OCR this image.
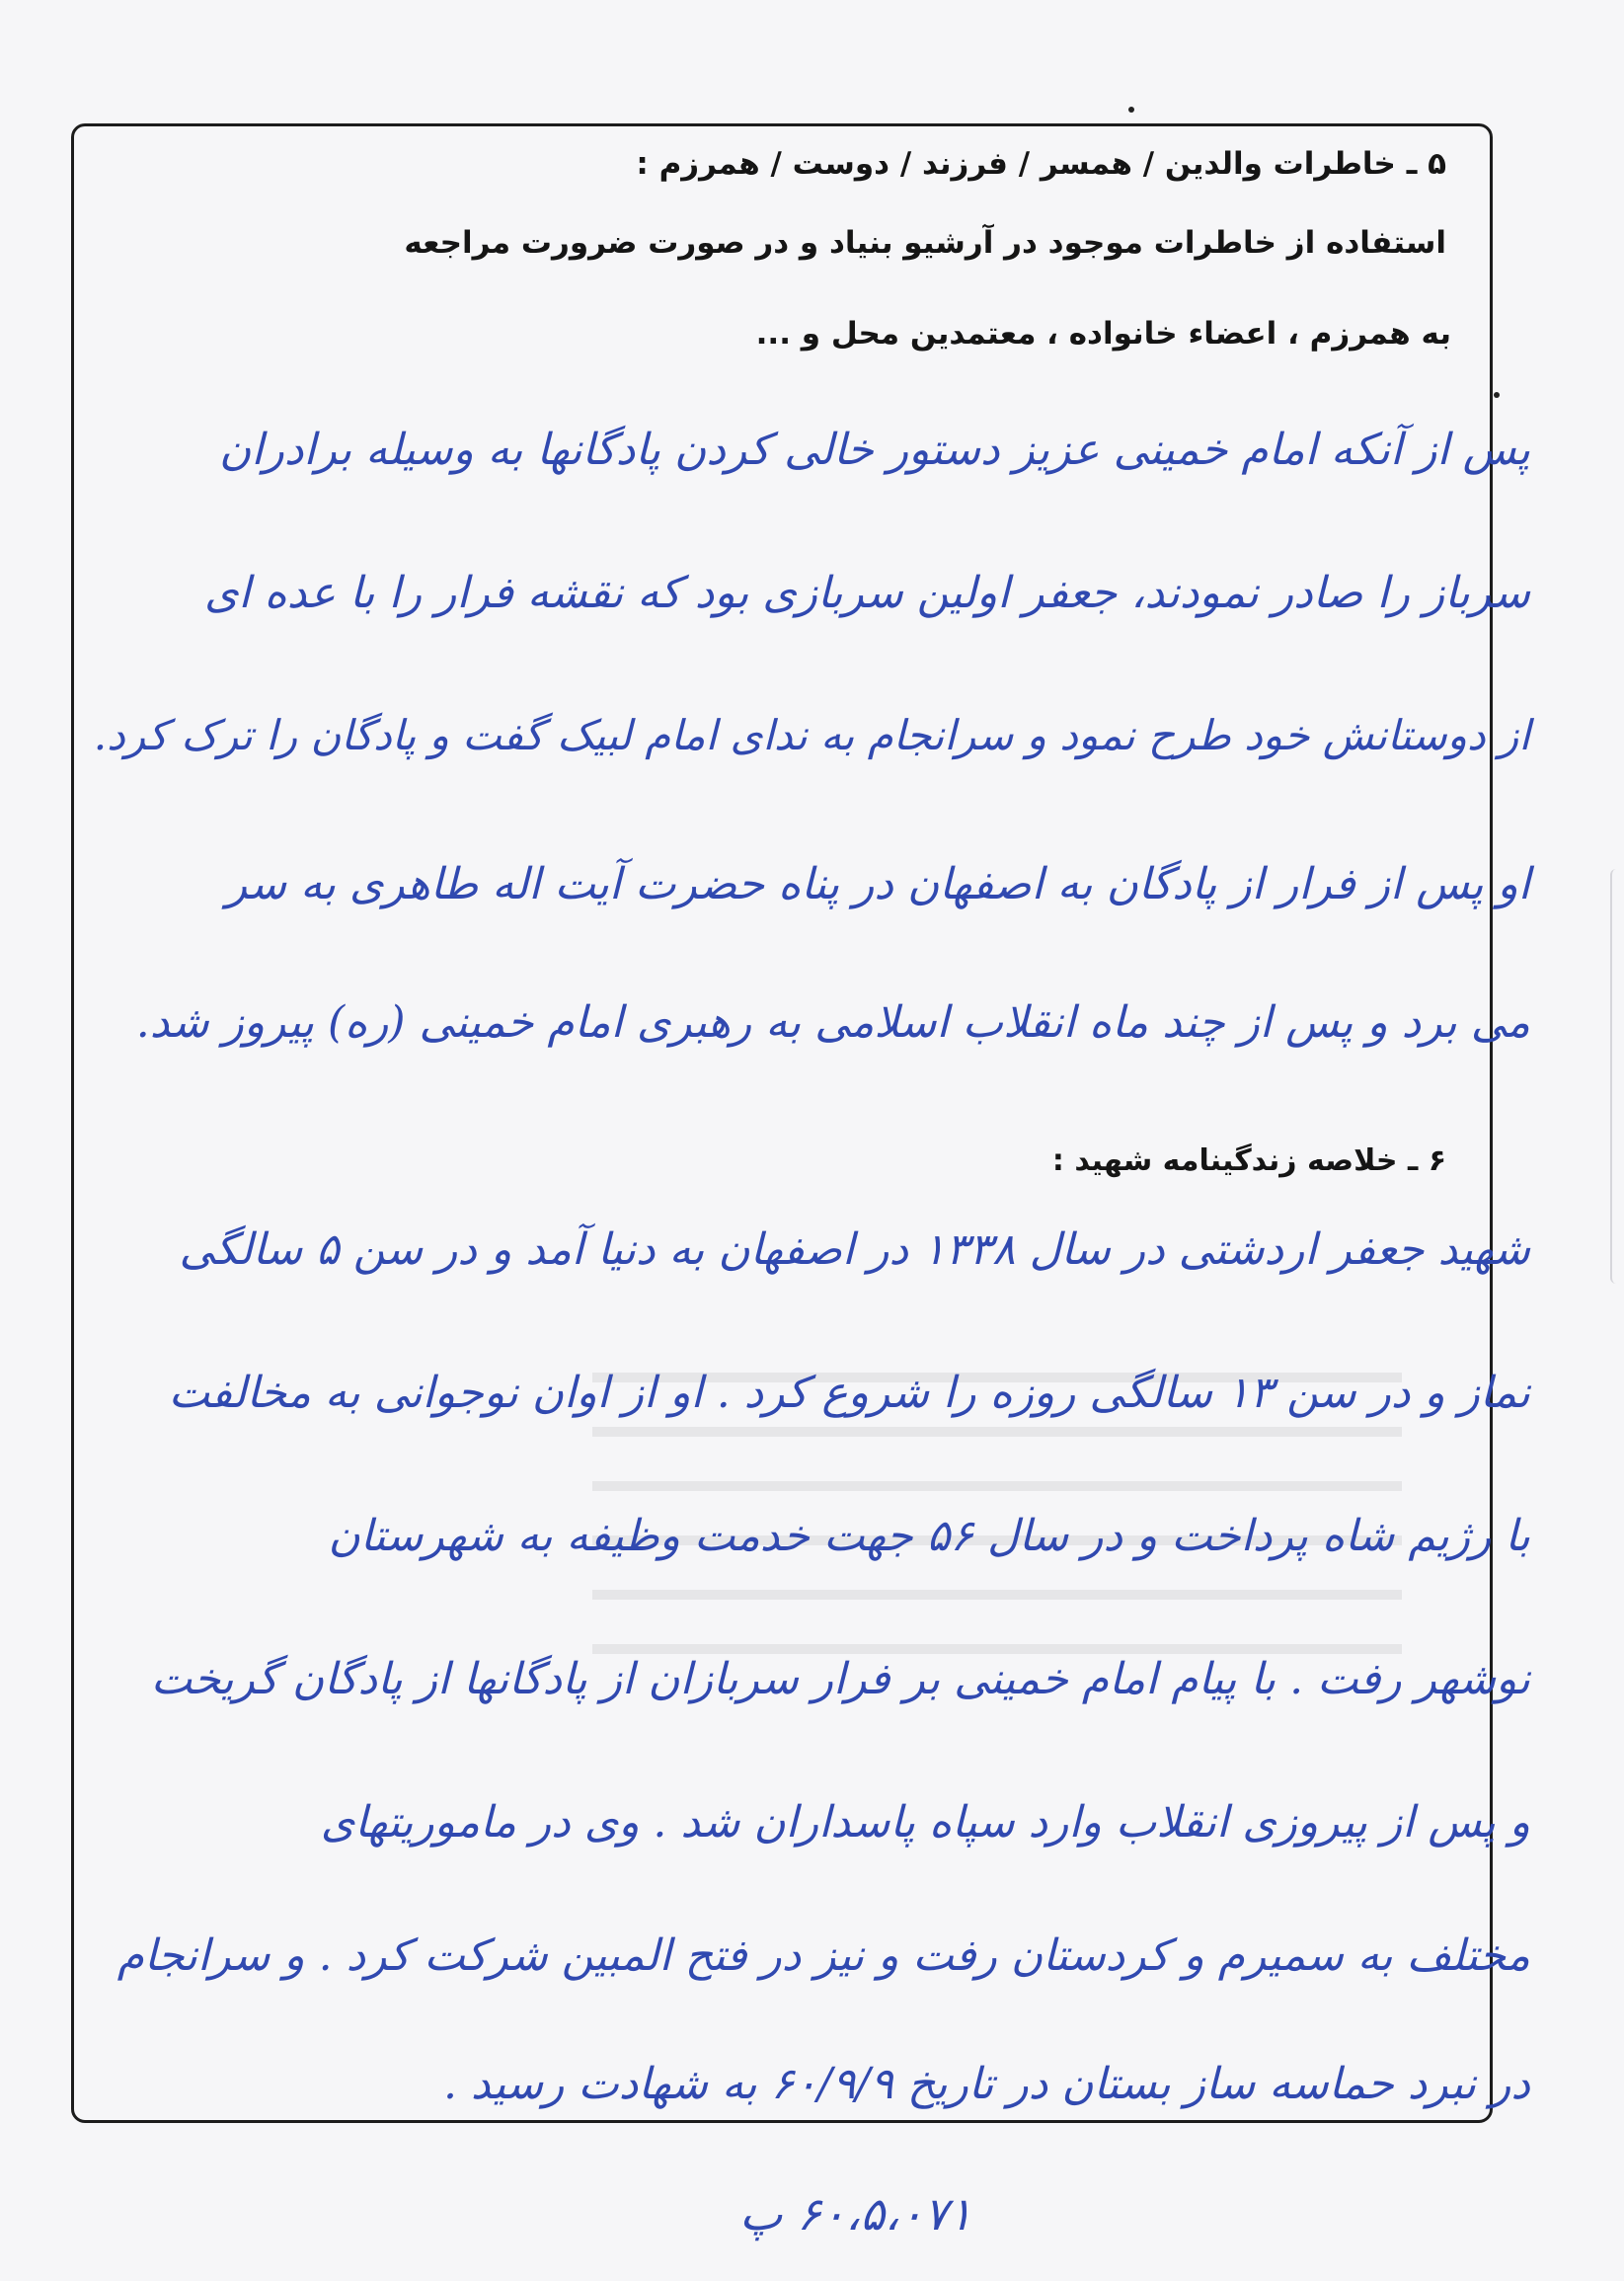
۵ ـ خاطرات والدین / همسر / فرزند / دوست / همرزم :
استفاده از خاطرات موجود در آرشیو بنیاد و در صورت ضرورت مراجعه
به همرزم ، اعضاء خانواده ، معتمدین محل و ...
پس از آنکه امام خمینی عزیز دستور خالی کردن پادگانها به وسیله برادران
سرباز را صادر نمودند، جعفر اولین سربازی بود که نقشه فرار را با عده ای
از دوستانش خود طرح نمود و سرانجام به ندای امام لبیک گفت و پادگان را ترک کرد.
او پس از فرار از پادگان به اصفهان در پناه حضرت آیت اله طاهری به سر
می برد و پس از چند ماه انقلاب اسلامی به رهبری امام خمینی (ره) پیروز شد.
۶ ـ خلاصه زندگینامه شهید :
شهید جعفر اردشتی در سال ۱۳۳۸ در اصفهان به دنیا آمد و در سن ۵ سالگی
نماز و در سن ۱۳ سالگی روزه را شروع کرد . او از اوان نوجوانی به مخالفت
با رژیم شاه پرداخت و در سال ۵۶ جهت خدمت وظیفه به شهرستان
نوشهر رفت . با پیام امام خمینی بر فرار سربازان از پادگانها از پادگان گریخت
و پس از پیروزی انقلاب وارد سپاه پاسداران شد . وی در ماموریتهای
مختلف به سمیرم و کردستان رفت و نیز در فتح المبین شرکت کرد . و سرانجام
در نبرد حماسه ساز بستان در تاریخ ۶۰/۹/۹ به شهادت رسید .
۶۰،۵،۰۷۱ پ
